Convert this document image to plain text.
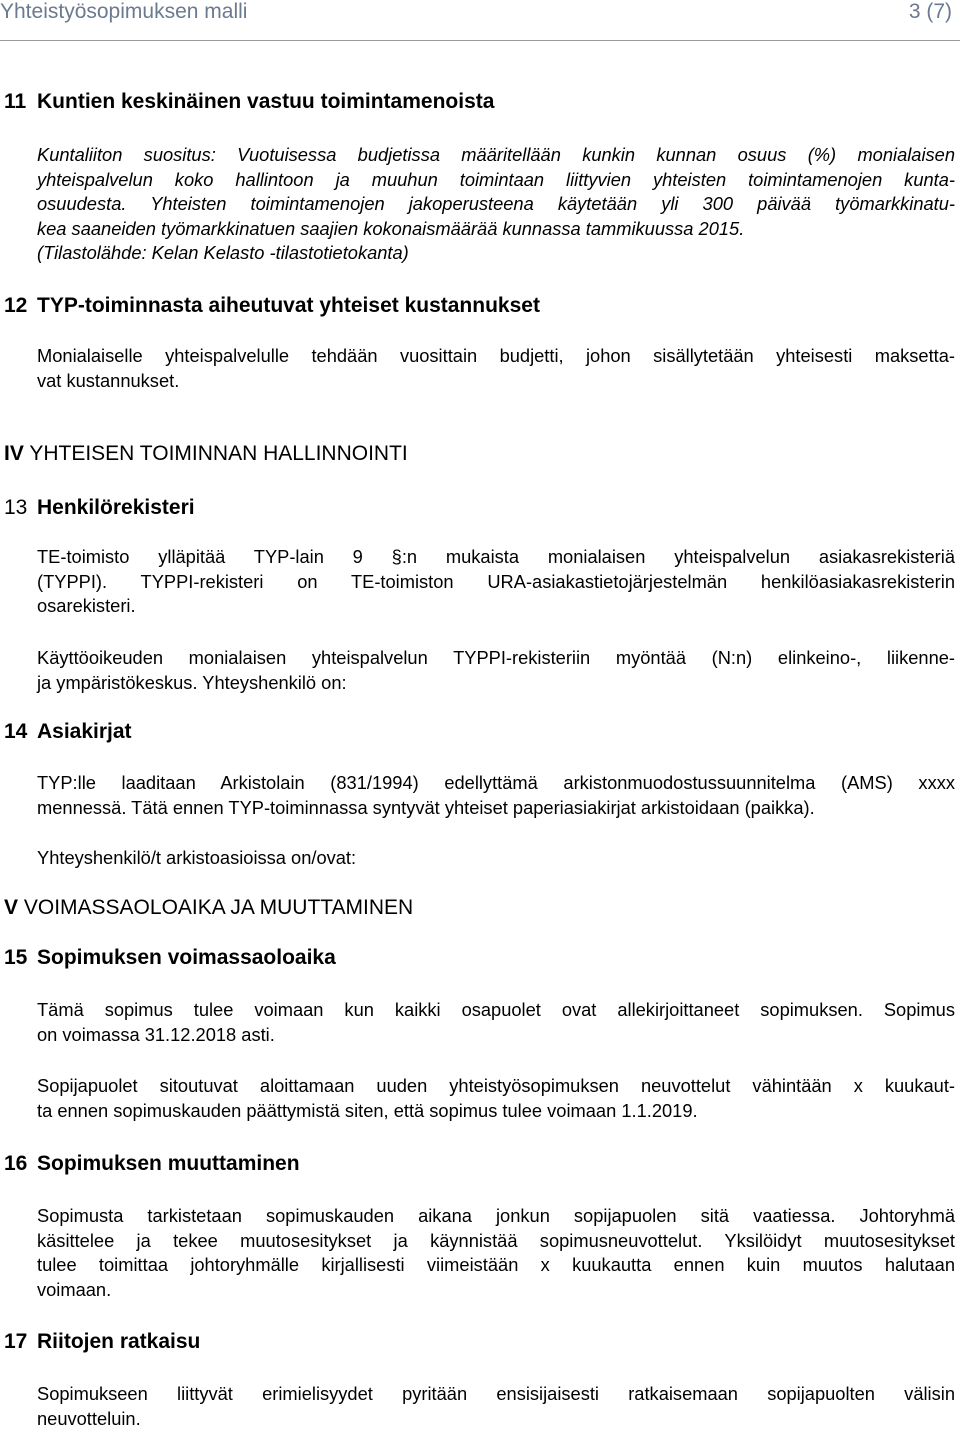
Yhteistyösopimuksen malli	3 (7)
11 Kuntien keskinäinen vastuu toimintamenoista
Kuntaliiton suositus: Vuotuisessa budjetissa määritellään kunkin kunnan osuus (%) monialaisen
yhteispalvelun koko hallintoon ja muuhun toimintaan liittyvien yhteisten toimintamenojen kunta-
osuudesta. Yhteisten toimintamenojen jakoperusteena käytetään yli 300 päivää työmarkkinatu-
kea saaneiden työmarkkinatuen saajien kokonaismäärää kunnassa tammikuussa 2015.
(Tilastolähde: Kelan Kelasto -tilastotietokanta)
12 TYP-toiminnasta aiheutuvat yhteiset kustannukset
Monialaiselle yhteispalvelulle tehdään vuosittain budjetti, johon sisällytetään yhteisesti maksetta-
vat kustannukset.
IV YHTEISEN TOIMINNAN HALLINNOINTI
13 Henkilörekisteri
TE-toimisto ylläpitää TYP-lain 9 §:n mukaista monialaisen yhteispalvelun asiakasrekisteriä
(TYPPI). TYPPI-rekisteri on TE-toimiston URA-asiakastietojärjestelmän henkilöasiakasrekisterin
osarekisteri.
Käyttöoikeuden monialaisen yhteispalvelun TYPPI-rekisteriin myöntää (N:n) elinkeino-, liikenne-
ja ympäristökeskus. Yhteyshenkilö on:
14 Asiakirjat
TYP:lle laaditaan Arkistolain (831/1994) edellyttämä arkistonmuodostussuunnitelma (AMS) xxxx
mennessä. Tätä ennen TYP-toiminnassa syntyvät yhteiset paperiasiakirjat arkistoidaan (paikka).
Yhteyshenkilö/t arkistoasioissa on/ovat:
V VOIMASSAOLOAIKA JA MUUTTAMINEN
15 Sopimuksen voimassaoloaika
Tämä sopimus tulee voimaan kun kaikki osapuolet ovat allekirjoittaneet sopimuksen. Sopimus
on voimassa 31.12.2018 asti.
Sopijapuolet sitoutuvat aloittamaan uuden yhteistyösopimuksen neuvottelut vähintään x kuukaut-
ta ennen sopimuskauden päättymistä siten, että sopimus tulee voimaan 1.1.2019.
16 Sopimuksen muuttaminen
Sopimusta tarkistetaan sopimuskauden aikana jonkun sopijapuolen sitä vaatiessa. Johtoryhmä
käsittelee ja tekee muutosesitykset ja käynnistää sopimusneuvottelut. Yksilöidyt muutosesitykset
tulee toimittaa johtoryhmälle kirjallisesti viimeistään x kuukautta ennen kuin muutos halutaan
voimaan.
17 Riitojen ratkaisu
Sopimukseen liittyvät erimielisyydet pyritään ensisijaisesti ratkaisemaan sopijapuolten välisin
neuvotteluin.
